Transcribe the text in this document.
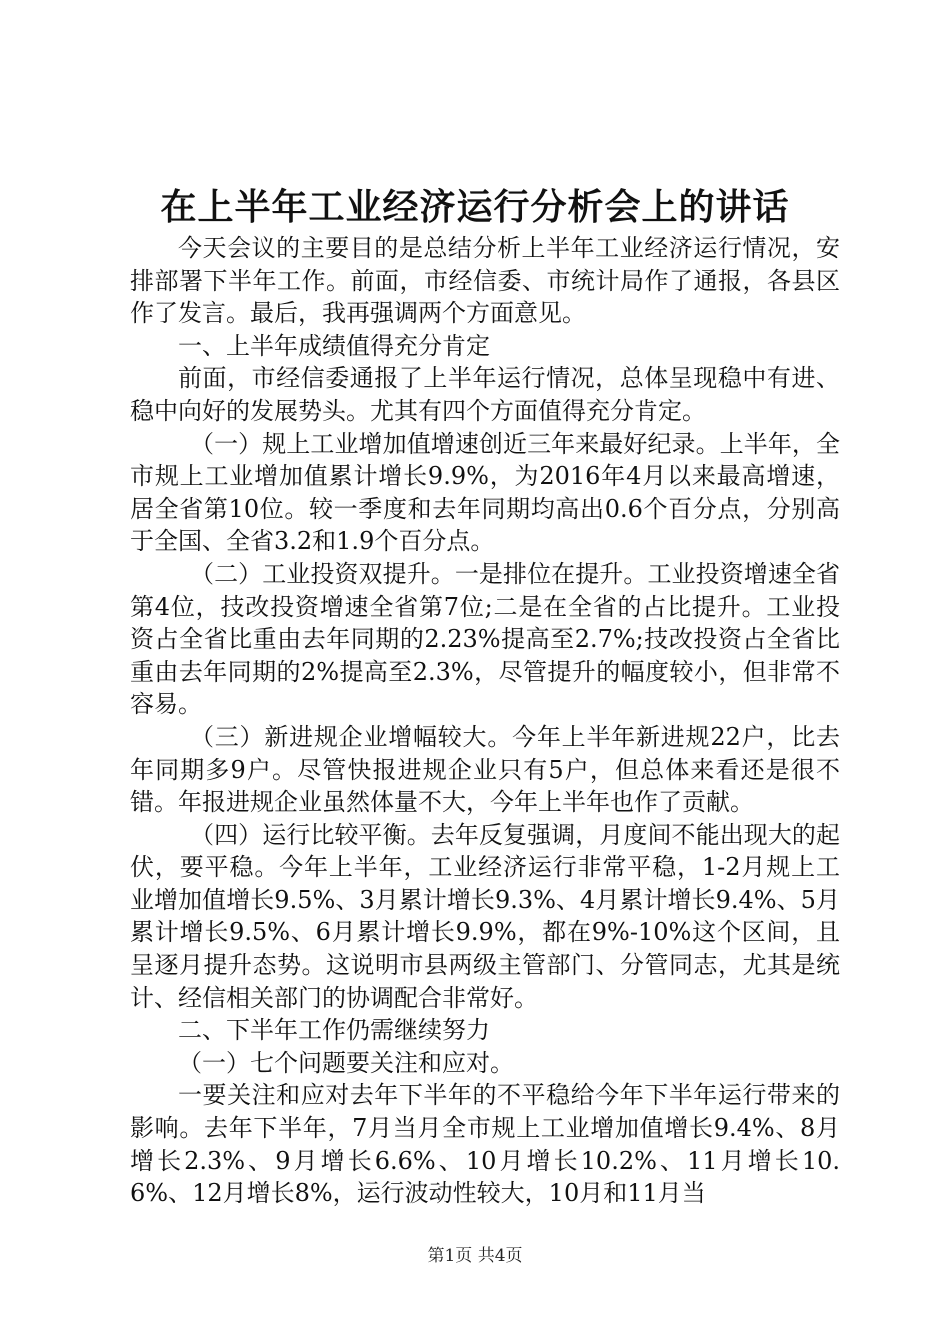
在上半年工业经济运行分析会上的讲话

今天会议的主要目的是总结分析上半年工业经济运行情况，安排部署下半年工作。前面，市经信委、市统计局作了通报，各县区作了发言。最后，我再强调两个方面意见。

一、上半年成绩值得充分肯定

前面，市经信委通报了上半年运行情况，总体呈现稳中有进、稳中向好的发展势头。尤其有四个方面值得充分肯定。

（一）规上工业增加值增速创近三年来最好纪录。上半年，全市规上工业增加值累计增长9.9%，为2016年4月以来最高增速，居全省第10位。较一季度和去年同期均高出0.6个百分点，分别高于全国、全省3.2和1.9个百分点。

（二）工业投资双提升。一是排位在提升。工业投资增速全省第4位，技改投资增速全省第7位;二是在全省的占比提升。工业投资占全省比重由去年同期的2.23%提高至2.7%;技改投资占全省比重由去年同期的2%提高至2.3%，尽管提升的幅度较小，但非常不容易。

（三）新进规企业增幅较大。今年上半年新进规22户，比去年同期多9户。尽管快报进规企业只有5户，但总体来看还是很不错。年报进规企业虽然体量不大，今年上半年也作了贡献。

（四）运行比较平衡。去年反复强调，月度间不能出现大的起伏，要平稳。今年上半年，工业经济运行非常平稳，1-2月规上工业增加值增长9.5%、3月累计增长9.3%、4月累计增长9.4%、5月累计增长9.5%、6月累计增长9.9%，都在9%-10%这个区间，且呈逐月提升态势。这说明市县两级主管部门、分管同志，尤其是统计、经信相关部门的协调配合非常好。

二、下半年工作仍需继续努力

（一）七个问题要关注和应对。

一要关注和应对去年下半年的不平稳给今年下半年运行带来的影响。去年下半年，7月当月全市规上工业增加值增长9.4%、8月增长2.3%、9月增长6.6%、10月增长10.2%、11月增长10.6%、12月增长8%，运行波动性较大，10月和11月当

第1页 共4页
